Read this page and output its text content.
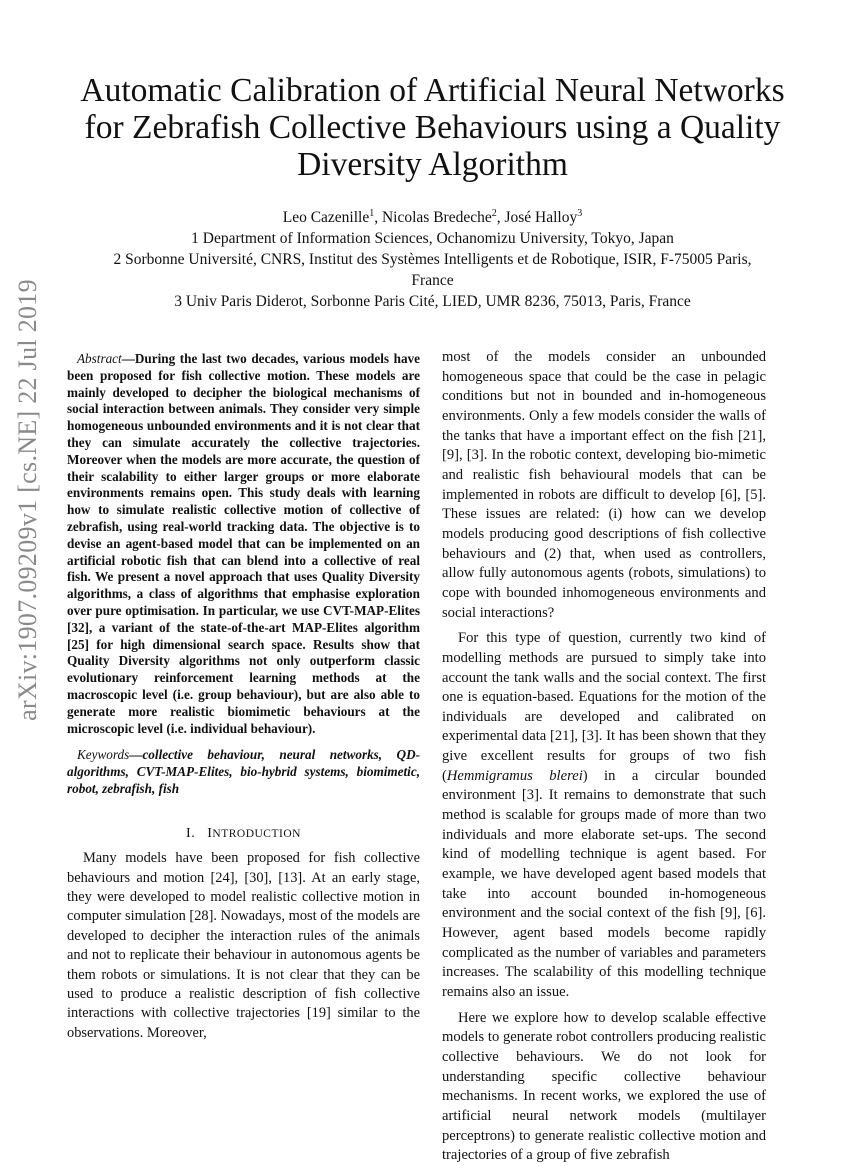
arXiv:1907.09209v1 [cs.NE] 22 Jul 2019
Automatic Calibration of Artificial Neural Networks
for Zebrafish Collective Behaviours using a Quality
Diversity Algorithm
Leo Cazenille$^1$, Nicolas Bredeche$^2$, José Halloy$^3$
1 Department of Information Sciences, Ochanomizu University, Tokyo, Japan
2 Sorbonne Université, CNRS, Institut des Systèmes Intelligents et de Robotique, ISIR, F-75005 Paris,
France
3 Univ Paris Diderot, Sorbonne Paris Cité, LIED, UMR 8236, 75013, Paris, France

Abstract—During the last two decades, various models have been proposed for fish collective motion. These models are mainly developed to decipher the biological mechanisms of social interaction between animals. They consider very simple homogeneous unbounded environments and it is not clear that they can simulate accurately the collective trajectories. Moreover when the models are more accurate, the question of their scalability to either larger groups or more elaborate environments remains open. This study deals with learning how to simulate realistic collective motion of collective of zebrafish, using real-world tracking data. The objective is to devise an agent-based model that can be implemented on an artificial robotic fish that can blend into a collective of real fish. We present a novel approach that uses Quality Diversity algorithms, a class of algorithms that emphasise exploration over pure optimisation. In particular, we use CVT-MAP-Elites [32], a variant of the state-of-the-art MAP-Elites algorithm [25] for high dimensional search space. Results show that Quality Diversity algorithms not only outperform classic evolutionary reinforcement learning methods at the macroscopic level (i.e. group behaviour), but are also able to generate more realistic biomimetic behaviours at the microscopic level (i.e. individual behaviour).

Keywords—collective behaviour, neural networks, QD-algorithms, CVT-MAP-Elites, bio-hybrid systems, biomimetic, robot, zebrafish, fish

I. INTRODUCTION

Many models have been proposed for fish collective behaviours and motion [24], [30], [13]. At an early stage, they were developed to model realistic collective motion in computer simulation [28]. Nowadays, most of the models are developed to decipher the interaction rules of the animals and not to replicate their behaviour in autonomous agents be them robots or simulations. It is not clear that they can be used to produce a realistic description of fish collective interactions with collective trajectories [19] similar to the observations. Moreover,

most of the models consider an unbounded homogeneous space that could be the case in pelagic conditions but not in bounded and in-homogeneous environments. Only a few models consider the walls of the tanks that have a important effect on the fish [21], [9], [3]. In the robotic context, developing bio-mimetic and realistic fish behavioural models that can be implemented in robots are difficult to develop [6], [5]. These issues are related: (i) how can we develop models producing good descriptions of fish collective behaviours and (2) that, when used as controllers, allow fully autonomous agents (robots, simulations) to cope with bounded inhomogeneous environments and social interactions?

For this type of question, currently two kind of modelling methods are pursued to simply take into account the tank walls and the social context. The first one is equation-based. Equations for the motion of the individuals are developed and calibrated on experimental data [21], [3]. It has been shown that they give excellent results for groups of two fish (Hemmigramus blerei) in a circular bounded environment [3]. It remains to demonstrate that such method is scalable for groups made of more than two individuals and more elaborate set-ups. The second kind of modelling technique is agent based. For example, we have developed agent based models that take into account bounded in-homogeneous environment and the social context of the fish [9], [6]. However, agent based models become rapidly complicated as the number of variables and parameters increases. The scalability of this modelling technique remains also an issue.

Here we explore how to develop scalable effective models to generate robot controllers producing realistic collective behaviours. We do not look for understanding specific collective behaviour mechanisms. In recent works, we explored the use of artificial neural network models (multilayer perceptrons) to generate realistic collective motion and trajectories of a group of five zebrafish
